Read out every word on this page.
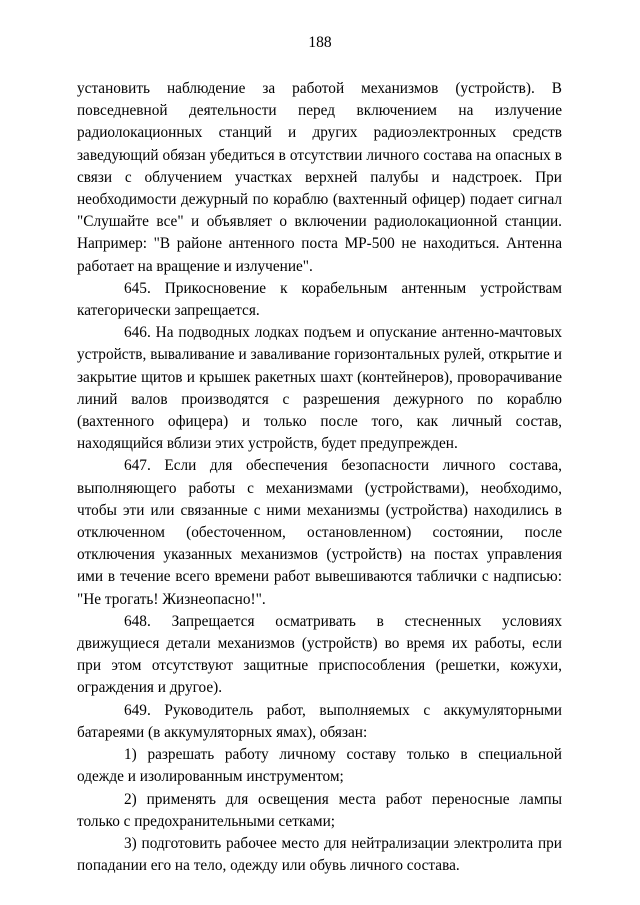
188

установить наблюдение за работой механизмов (устройств). В повседневной деятельности перед включением на излучение радиолокационных станций и других радиоэлектронных средств заведующий обязан убедиться в отсутствии личного состава на опасных в связи с облучением участках верхней палубы и надстроек. При необходимости дежурный по кораблю (вахтенный офицер) подает сигнал "Слушайте все" и объявляет о включении радиолокационной станции. Например: "В районе антенного поста МР-500 не находиться. Антенна работает на вращение и излучение".

645. Прикосновение к корабельным антенным устройствам категорически запрещается.

646. На подводных лодках подъем и опускание антенно-мачтовых устройств, вываливание и заваливание горизонтальных рулей, открытие и закрытие щитов и крышек ракетных шахт (контейнеров), проворачивание линий валов производятся с разрешения дежурного по кораблю (вахтенного офицера) и только после того, как личный состав, находящийся вблизи этих устройств, будет предупрежден.

647. Если для обеспечения безопасности личного состава, выполняющего работы с механизмами (устройствами), необходимо, чтобы эти или связанные с ними механизмы (устройства) находились в отключенном (обесточенном, остановленном) состоянии, после отключения указанных механизмов (устройств) на постах управления ими в течение всего времени работ вывешиваются таблички с надписью: "Не трогать! Жизнеопасно!".

648. Запрещается осматривать в стесненных условиях движущиеся детали механизмов (устройств) во время их работы, если при этом отсутствуют защитные приспособления (решетки, кожухи, ограждения и другое).

649. Руководитель работ, выполняемых с аккумуляторными батареями (в аккумуляторных ямах), обязан:

1) разрешать работу личному составу только в специальной одежде и изолированным инструментом;

2) применять для освещения места работ переносные лампы только с предохранительными сетками;

3) подготовить рабочее место для нейтрализации электролита при попадании его на тело, одежду или обувь личного состава.
